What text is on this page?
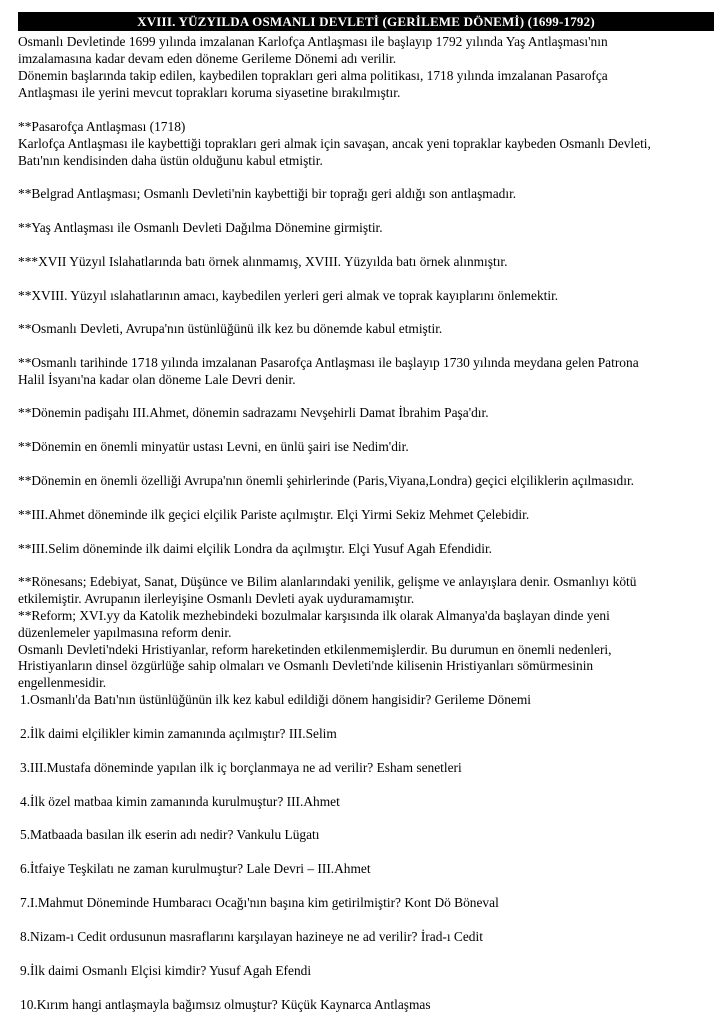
XVIII. YÜZYILDA OSMANLI DEVLETİ (GERİLEME DÖNEMİ) (1699-1792)

Osmanlı Devletinde 1699 yılında imzalanan Karlofça Antlaşması ile başlayıp 1792 yılında Yaş Antlaşması'nın

imzalamasına kadar devam eden döneme Gerileme Dönemi adı verilir.

Dönemin başlarında takip edilen, kaybedilen toprakları geri alma politikası, 1718 yılında imzalanan Pasarofça

Antlaşması ile yerini mevcut toprakları koruma siyasetine bırakılmıştır.

**Pasarofça Antlaşması (1718)

Karlofça Antlaşması ile kaybettiği toprakları geri almak için savaşan, ancak yeni topraklar kaybeden Osmanlı Devleti,

Batı'nın kendisinden daha üstün olduğunu kabul etmiştir.

**Belgrad Antlaşması; Osmanlı Devleti'nin kaybettiği bir toprağı geri aldığı son antlaşmadır.

**Yaş Antlaşması ile Osmanlı Devleti Dağılma Dönemine girmiştir.

***XVII Yüzyıl Islahatlarında batı örnek alınmamış, XVIII. Yüzyılda batı örnek alınmıştır.

**XVIII. Yüzyıl ıslahatlarının amacı, kaybedilen yerleri geri almak ve toprak kayıplarını önlemektir.

**Osmanlı Devleti, Avrupa'nın üstünlüğünü ilk kez bu dönemde kabul etmiştir.

**Osmanlı tarihinde 1718 yılında imzalanan Pasarofça Antlaşması ile başlayıp 1730 yılında meydana gelen Patrona

Halil İsyanı'na kadar olan döneme Lale Devri denir.

**Dönemin padişahı III.Ahmet, dönemin sadrazamı Nevşehirli Damat İbrahim Paşa'dır.

**Dönemin en önemli minyatür ustası Levni, en ünlü şairi ise Nedim'dir.

**Dönemin en önemli özelliği Avrupa'nın önemli şehirlerinde (Paris,Viyana,Londra) geçici elçiliklerin açılmasıdır.

**III.Ahmet döneminde ilk geçici elçilik Pariste açılmıştır. Elçi Yirmi Sekiz Mehmet Çelebidir.

**III.Selim döneminde ilk daimi elçilik Londra da açılmıştır. Elçi Yusuf Agah Efendidir.

**Rönesans; Edebiyat, Sanat, Düşünce ve Bilim alanlarındaki yenilik, gelişme ve anlayışlara denir. Osmanlıyı kötü

etkilemiştir. Avrupanın ilerleyişine Osmanlı Devleti ayak uyduramamıştır.

**Reform; XVI.yy da Katolik mezhebindeki bozulmalar karşısında ilk olarak Almanya'da başlayan dinde yeni

düzenlemeler yapılmasına reform denir.

Osmanlı Devleti'ndeki Hristiyanlar, reform hareketinden etkilenmemişlerdir. Bu durumun en önemli nedenleri,

Hristiyanların dinsel özgürlüğe sahip olmaları ve Osmanlı Devleti'nde kilisenin Hristiyanları sömürmesinin

engellenmesidir.

1.Osmanlı'da Batı'nın üstünlüğünün ilk kez kabul edildiği dönem hangisidir? Gerileme Dönemi

2.İlk daimi elçilikler kimin zamanında açılmıştır? III.Selim

3.III.Mustafa döneminde yapılan ilk iç borçlanmaya ne ad verilir? Esham senetleri

4.İlk özel matbaa kimin zamanında kurulmuştur? III.Ahmet

5.Matbaada basılan ilk eserin adı nedir? Vankulu Lügatı

6.İtfaiye Teşkilatı ne zaman kurulmuştur? Lale Devri – III.Ahmet

7.I.Mahmut Döneminde Humbaracı Ocağı'nın başına kim getirilmiştir? Kont Dö Böneval

8.Nizam-ı Cedit ordusunun masraflarını karşılayan hazineye ne ad verilir? İrad-ı Cedit

9.İlk daimi Osmanlı Elçisi kimdir? Yusuf Agah Efendi

10.Kırım hangi antlaşmayla bağımsız olmuştur? Küçük Kaynarca Antlaşmas
